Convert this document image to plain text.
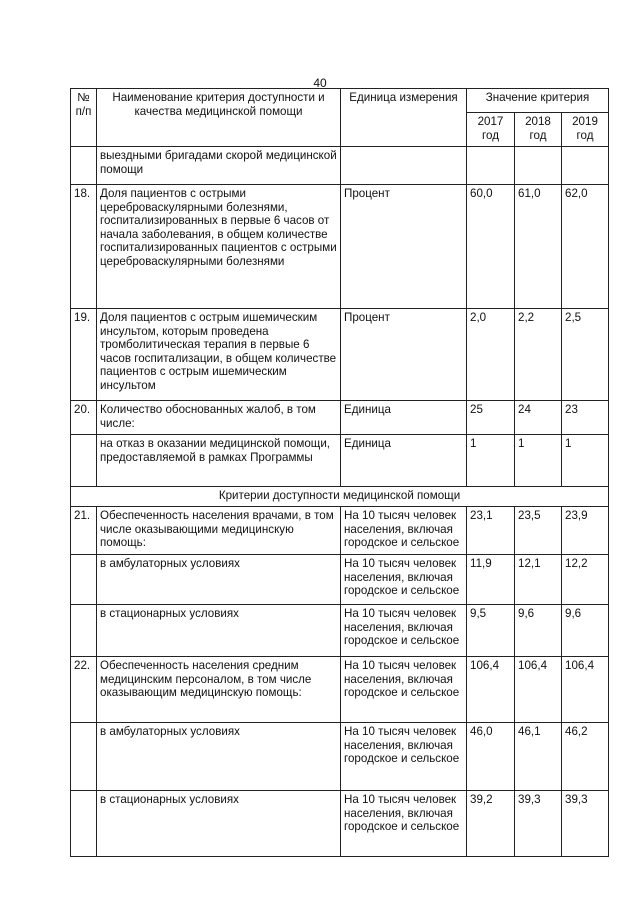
40
№ п/п	Наименование критерия доступности и качества медицинской помощи	Единица измерения	Значение критерия		
			2017 год	2018 год	2019 год
	выездными бригадами скорой медицинской помощи				
18.	Доля пациентов с острыми цереброваскулярными болезнями, госпитализированных в первые 6 часов от начала заболевания, в общем количестве госпитализированных пациентов с острыми цереброваскулярными болезнями	Процент	60,0	61,0	62,0
19.	Доля пациентов с острым ишемическим инсультом, которым проведена тромболитическая терапия в первые 6 часов госпитализации, в общем количестве пациентов с острым ишемическим инсультом	Процент	2,0	2,2	2,5
20.	Количество обоснованных жалоб, в том числе:	Единица	25	24	23
	на отказ в оказании медицинской помощи, предоставляемой в рамках Программы	Единица	1	1	1
Критерии доступности медицинской помощи					
21.	Обеспеченность населения врачами, в том числе оказывающими медицинскую помощь:	На 10 тысяч человек населения, включая городское и сельское	23,1	23,5	23,9
	в амбулаторных условиях	На 10 тысяч человек населения, включая городское и сельское	11,9	12,1	12,2
	в стационарных условиях	На 10 тысяч человек населения, включая городское и сельское	9,5	9,6	9,6
22.	Обеспеченность населения средним медицинским персоналом, в том числе оказывающим медицинскую помощь:	На 10 тысяч человек населения, включая городское и сельское	106,4	106,4	106,4
	в амбулаторных условиях	На 10 тысяч человек населения, включая городское и сельское	46,0	46,1	46,2
	в стационарных условиях	На 10 тысяч человек населения, включая городское и сельское	39,2	39,3	39,3
